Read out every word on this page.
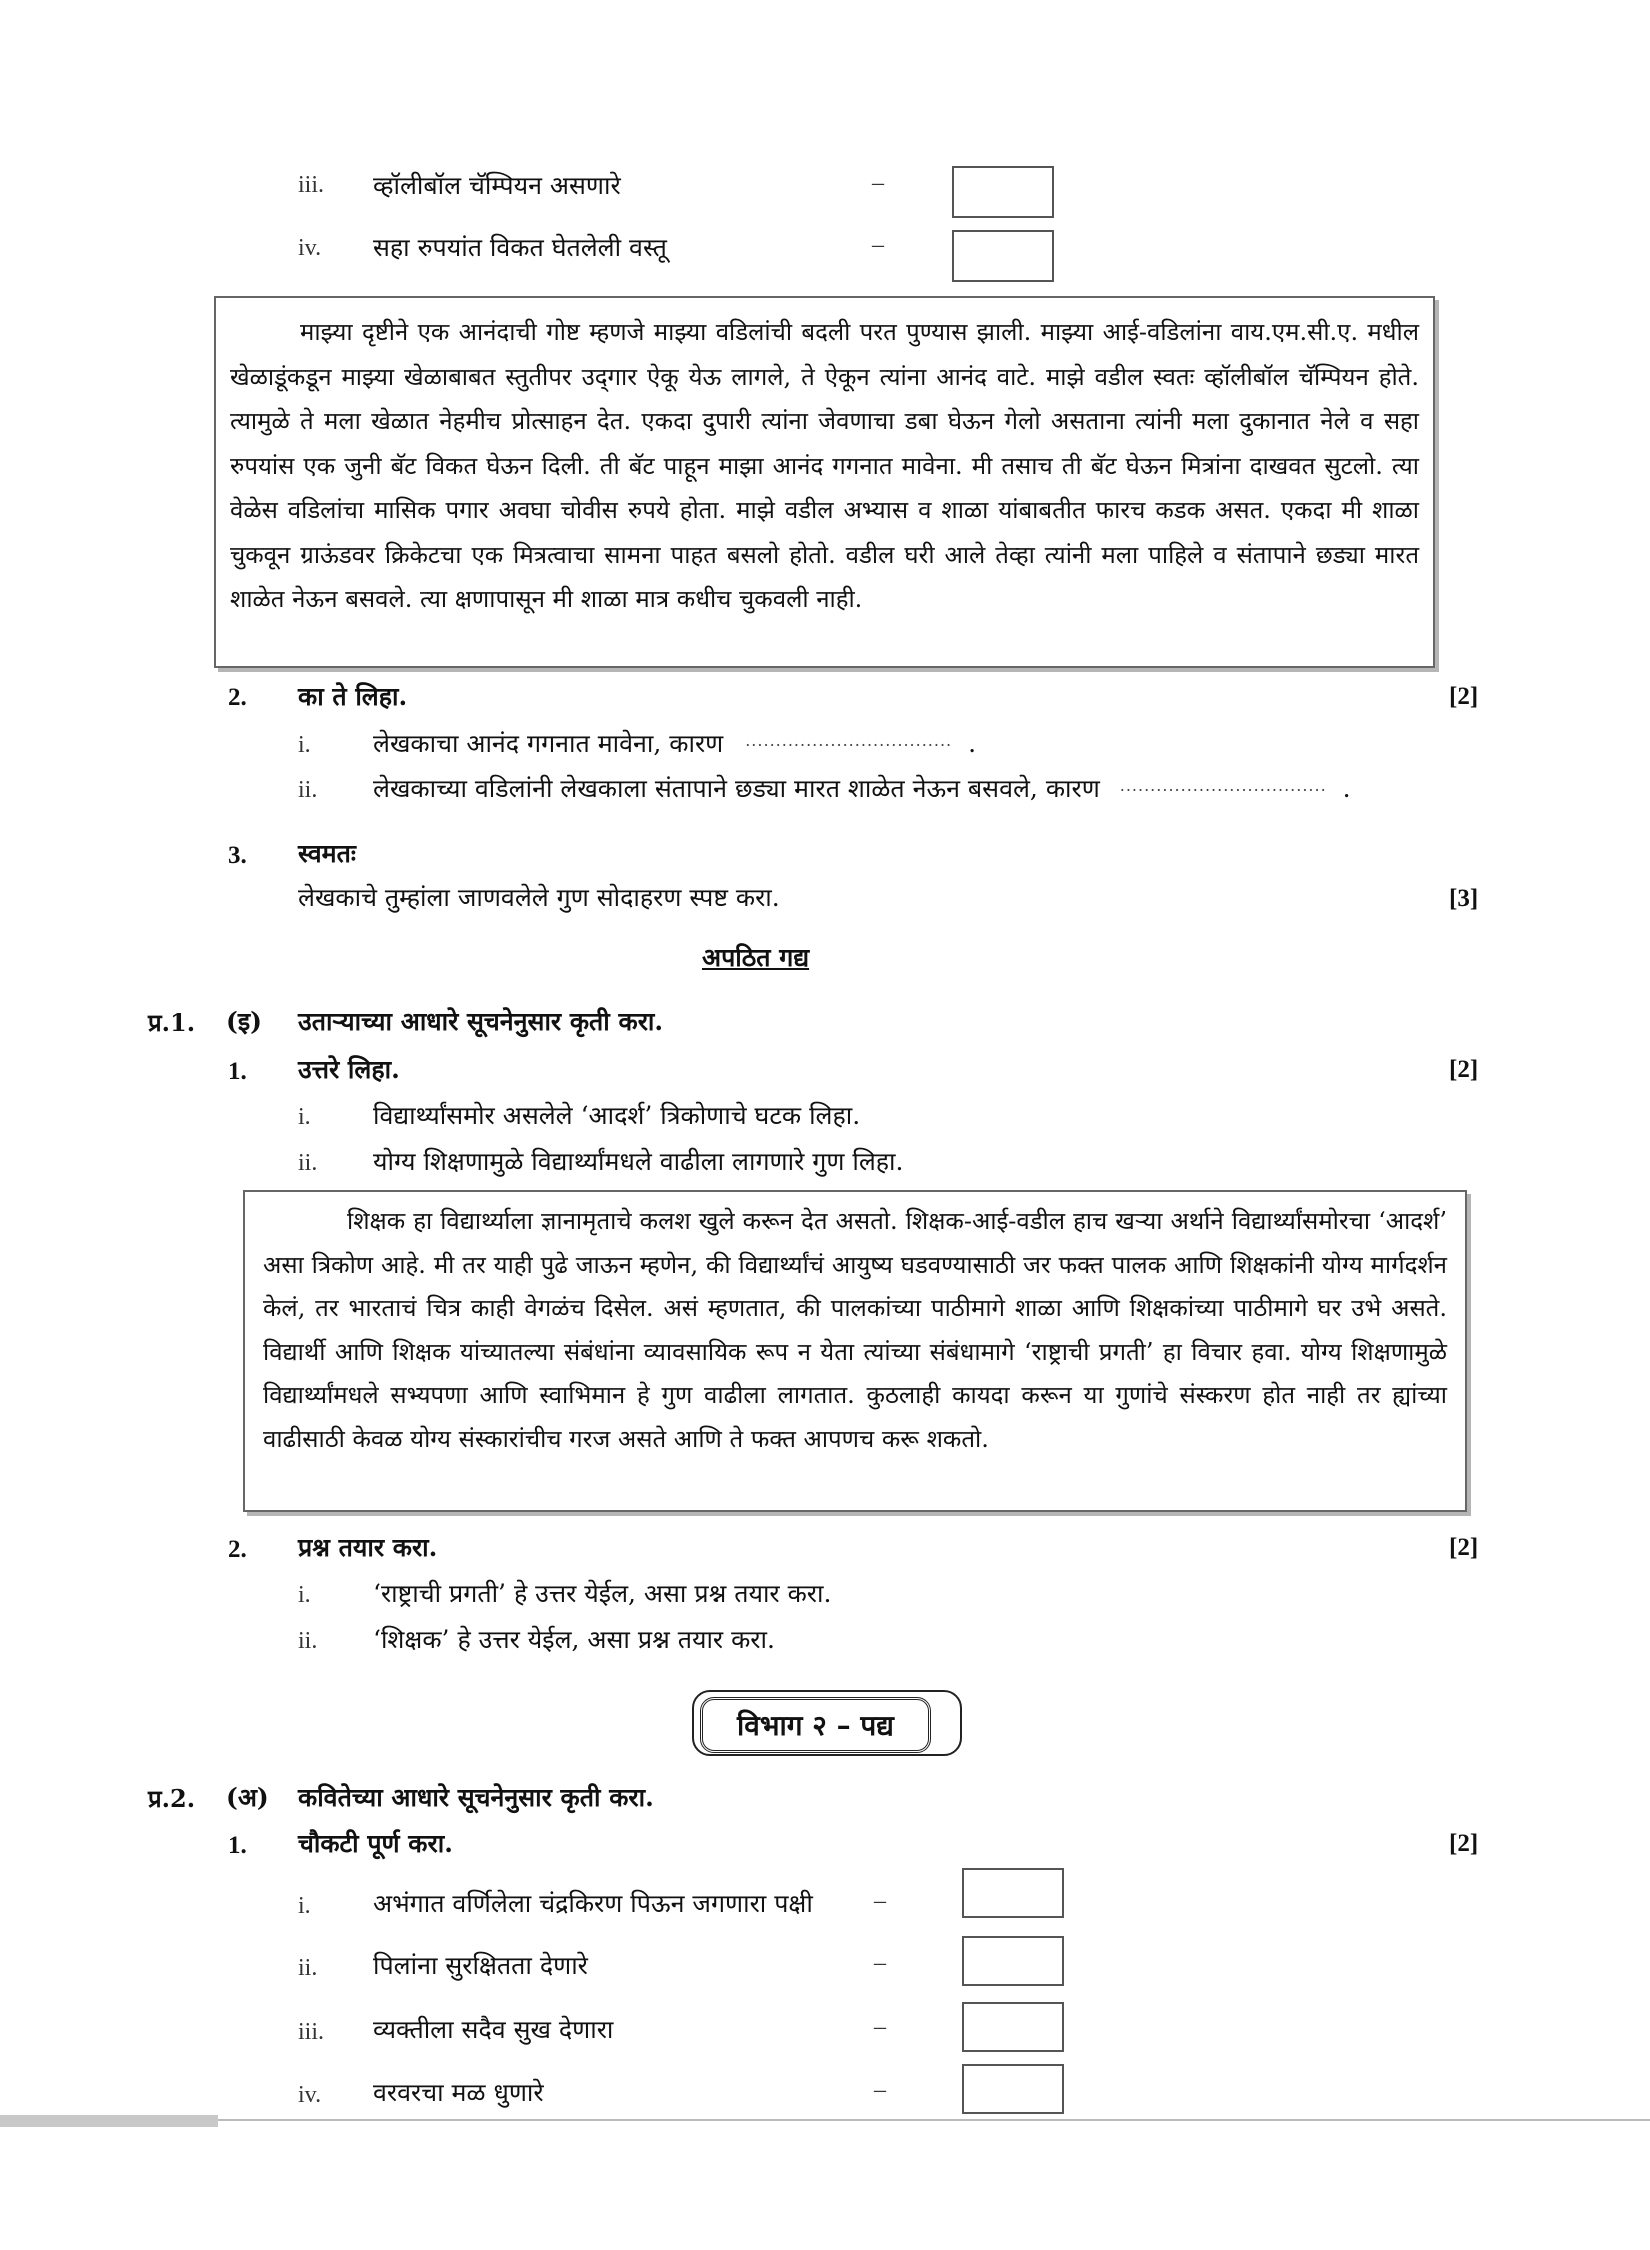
iii. व्हॉलीबॉल चॅम्पियन असणारे	–
iv. सहा रुपयांत विकत घेतलेली वस्तू	–

माझ्या दृष्टीने एक आनंदाची गोष्ट म्हणजे माझ्या वडिलांची बदली परत पुण्यास झाली. माझ्या आई-वडिलांना वाय.एम.सी.ए. मधील खेळाडूंकडून माझ्या खेळाबाबत स्तुतीपर उद्‌गार ऐकू येऊ लागले, ते ऐकून त्यांना आनंद वाटे. माझे वडील स्वतः व्हॉलीबॉल चॅम्पियन होते. त्यामुळे ते मला खेळात नेहमीच प्रोत्साहन देत. एकदा दुपारी त्यांना जेवणाचा डबा घेऊन गेलो असताना त्यांनी मला दुकानात नेले व सहा रुपयांस एक जुनी बॅट विकत घेऊन दिली. ती बॅट पाहून माझा आनंद गगनात मावेना. मी तसाच ती बॅट घेऊन मित्रांना दाखवत सुटलो. त्या वेळेस वडिलांचा मासिक पगार अवघा चोवीस रुपये होता. माझे वडील अभ्यास व शाळा यांबाबतीत फारच कडक असत. एकदा मी शाळा चुकवून ग्राऊंडवर क्रिकेटचा एक मित्रत्वाचा सामना पाहत बसलो होतो. वडील घरी आले तेव्हा त्यांनी मला पाहिले व संतापाने छड्या मारत शाळेत नेऊन बसवले. त्या क्षणापासून मी शाळा मात्र कधीच चुकवली नाही.

2. का ते लिहा.	[2]
i. लेखकाचा आनंद गगनात मावेना, कारण .................................. .
ii. लेखकाच्या वडिलांनी लेखकाला संतापाने छड्या मारत शाळेत नेऊन बसवले, कारण .................................. .
3. स्वमतः
लेखकाचे तुम्हांला जाणवलेले गुण सोदाहरण स्पष्ट करा.	[3]
अपठित गद्य
प्र.1. (इ) उताऱ्याच्या आधारे सूचनेनुसार कृती करा.
1. उत्तरे लिहा.	[2]
i. विद्यार्थ्यांसमोर असलेले ‘आदर्श’ त्रिकोणाचे घटक लिहा.
ii. योग्य शिक्षणामुळे विद्यार्थ्यांमधले वाढीला लागणारे गुण लिहा.

शिक्षक हा विद्यार्थ्याला ज्ञानामृताचे कलश खुले करून देत असतो. शिक्षक-आई-वडील हाच खऱ्या अर्थाने विद्यार्थ्यांसमोरचा ‘आदर्श’ असा त्रिकोण आहे. मी तर याही पुढे जाऊन म्हणेन, की विद्यार्थ्यांचं आयुष्य घडवण्यासाठी जर फक्त पालक आणि शिक्षकांनी योग्य मार्गदर्शन केलं, तर भारताचं चित्र काही वेगळंच दिसेल. असं म्हणतात, की पालकांच्या पाठीमागे शाळा आणि शिक्षकांच्या पाठीमागे घर उभे असते. विद्यार्थी आणि शिक्षक यांच्यातल्या संबंधांना व्यावसायिक रूप न येता त्यांच्या संबंधामागे ‘राष्ट्राची प्रगती’ हा विचार हवा. योग्य शिक्षणामुळे विद्यार्थ्यांमधले सभ्यपणा आणि स्वाभिमान हे गुण वाढीला लागतात. कुठलाही कायदा करून या गुणांचे संस्करण होत नाही तर ह्यांच्या वाढीसाठी केवळ योग्य संस्कारांचीच गरज असते आणि ते फक्त आपणच करू शकतो.

2. प्रश्न तयार करा.	[2]
i. ‘राष्ट्राची प्रगती’ हे उत्तर येईल, असा प्रश्न तयार करा.
ii. ‘शिक्षक’ हे उत्तर येईल, असा प्रश्न तयार करा.
विभाग २ – पद्य
प्र.2. (अ) कवितेच्या आधारे सूचनेनुसार कृती करा.
1. चौकटी पूर्ण करा.	[2]
i. अभंगात वर्णिलेला चंद्रकिरण पिऊन जगणारा पक्षी	–
ii. पिलांना सुरक्षितता देणारे	–
iii. व्यक्तीला सदैव सुख देणारा	–
iv. वरवरचा मळ धुणारे	–
